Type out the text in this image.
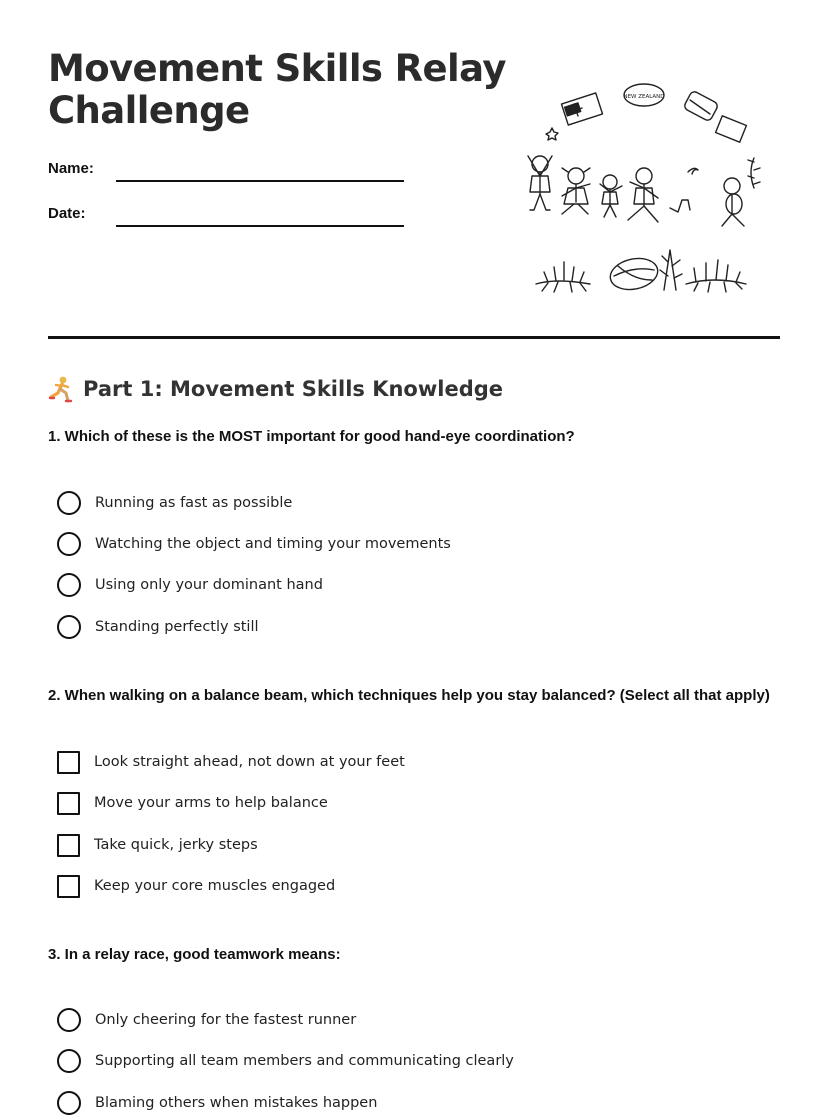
Movement Skills Relay Challenge
Name:
Date:
NEW ZEALAND
Part 1: Movement Skills Knowledge
1. Which of these is the MOST important for good hand-eye coordination?
Running as fast as possible
Watching the object and timing your movements
Using only your dominant hand
Standing perfectly still
2. When walking on a balance beam, which techniques help you stay balanced? (Select all that apply)
Look straight ahead, not down at your feet
Move your arms to help balance
Take quick, jerky steps
Keep your core muscles engaged
3. In a relay race, good teamwork means:
Only cheering for the fastest runner
Supporting all team members and communicating clearly
Blaming others when mistakes happen
